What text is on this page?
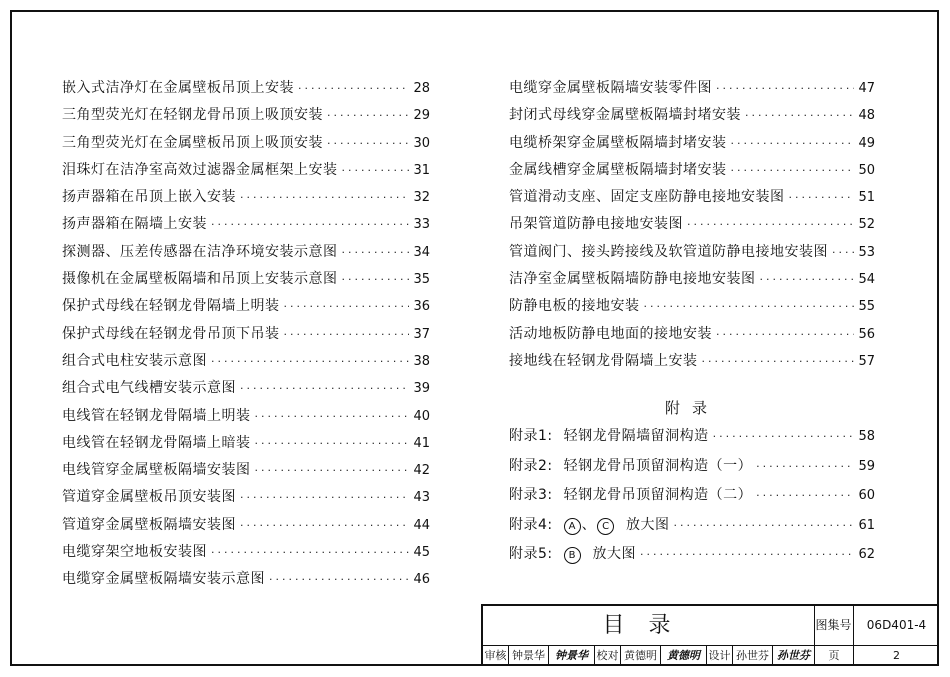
嵌入式洁净灯在金属壁板吊顶上安装 ·····	28
三角型荧光灯在轻钢龙骨吊顶上吸顶安装 ·····	29
三角型荧光灯在金属壁板吊顶上吸顶安装 ·····	30
泪珠灯在洁净室高效过滤器金属框架上安装 ·····	31
扬声器箱在吊顶上嵌入安装 ·····	32
扬声器箱在隔墙上安装 ·····	33
探测器、压差传感器在洁净环境安装示意图 ·····	34
摄像机在金属壁板隔墙和吊顶上安装示意图 ·····	35
保护式母线在轻钢龙骨隔墙上明装 ·····	36
保护式母线在轻钢龙骨吊顶下吊装 ·····	37
组合式电柱安装示意图 ·····	38
组合式电气线槽安装示意图 ·····	39
电线管在轻钢龙骨隔墙上明装 ·····	40
电线管在轻钢龙骨隔墙上暗装 ·····	41
电线管穿金属壁板隔墙安装图 ·····	42
管道穿金属壁板吊顶安装图 ·····	43
管道穿金属壁板隔墙安装图 ·····	44
电缆穿架空地板安装图 ·····	45
电缆穿金属壁板隔墙安装示意图 ·····	46
电缆穿金属壁板隔墙安装零件图 ·····	47
封闭式母线穿金属壁板隔墙封堵安装 ·····	48
电缆桥架穿金属壁板隔墙封堵安装 ·····	49
金属线槽穿金属壁板隔墙封堵安装 ·····	50
管道滑动支座、固定支座防静电接地安装图 ·····	51
吊架管道防静电接地安装图 ·····	52
管道阀门、接头跨接线及软管道防静电接地安装图 ····· 53
洁净室金属壁板隔墙防静电接地安装图 ·····	54
防静电板的接地安装 ·····	55
活动地板防静电地面的接地安装 ·····	56
接地线在轻钢龙骨隔墙上安装 ·····	57
附录
附录1: 轻钢龙骨隔墙留洞构造 ·····	58
附录2: 轻钢龙骨吊顶留洞构造（一） ·····	59
附录3: 轻钢龙骨吊顶留洞构造（二） ·····	60
附录4: A 、 C 放大图 ·····	61
附录5: B 放大图 ·····	62
目录	图集号	06D401-4
审核 钟景华 钟景华 校对 黄德明 黄德明 设计 孙世芬 孙世芬	页	2
